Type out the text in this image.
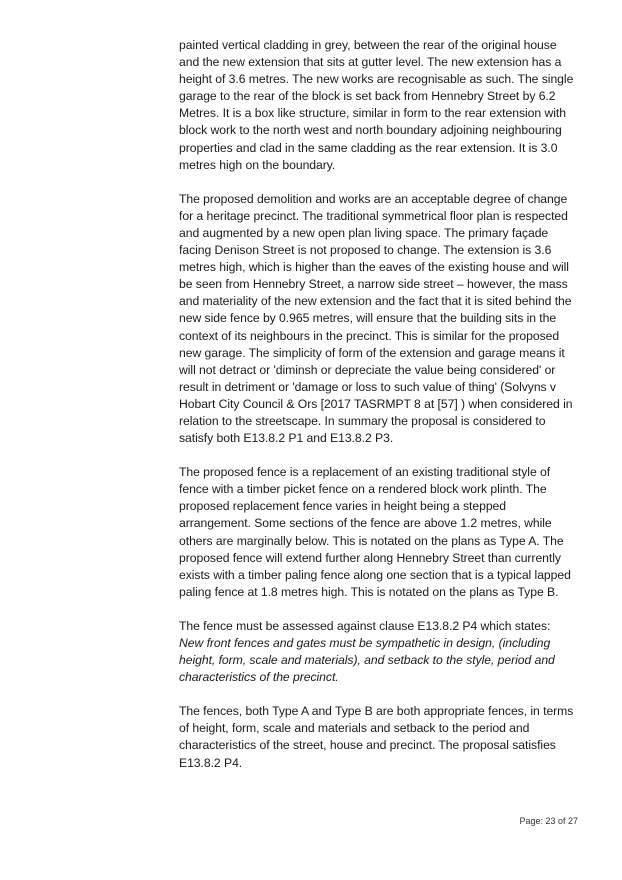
painted vertical cladding in grey, between the rear of the original house and the new extension that sits at gutter level. The new extension has a height of 3.6 metres. The new works are recognisable as such. The single garage to the rear of the block is set back from Hennebry Street by 6.2 Metres. It is a box like structure, similar in form to the rear extension with block work to the north west and north boundary adjoining neighbouring properties and clad in the same cladding as the rear extension. It is 3.0 metres high on the boundary.

The proposed demolition and works are an acceptable degree of change for a heritage precinct. The traditional symmetrical floor plan is respected and augmented by a new open plan living space. The primary façade facing Denison Street is not proposed to change. The extension is 3.6 metres high, which is higher than the eaves of the existing house and will be seen from Hennebry Street, a narrow side street – however, the mass and materiality of the new extension and the fact that it is sited behind the new side fence by 0.965 metres, will ensure that the building sits in the context of its neighbours in the precinct. This is similar for the proposed new garage. The simplicity of form of the extension and garage means it will not detract or 'diminsh or depreciate the value being considered' or result in detriment or 'damage or loss to such value of thing' (Solvyns v Hobart City Council & Ors [2017 TASRMPT 8 at [57] ) when considered in relation to the streetscape. In summary the proposal is considered to satisfy both E13.8.2 P1 and E13.8.2 P3.

The proposed fence is a replacement of an existing traditional style of fence with a timber picket fence on a rendered block work plinth. The proposed replacement fence varies in height being a stepped arrangement. Some sections of the fence are above 1.2 metres, while others are marginally below. This is notated on the plans as Type A. The proposed fence will extend further along Hennebry Street than currently exists with a timber paling fence along one section that is a typical lapped paling fence at 1.8 metres high. This is notated on the plans as Type B.

The fence must be assessed against clause E13.8.2 P4 which states:
New front fences and gates must be sympathetic in design, (including height, form, scale and materials), and setback to the style, period and characteristics of the precinct.

The fences, both Type A and Type B are both appropriate fences, in terms of height, form, scale and materials and setback to the period and characteristics of the street, house and precinct. The proposal satisfies E13.8.2 P4.

Page: 23 of 27
